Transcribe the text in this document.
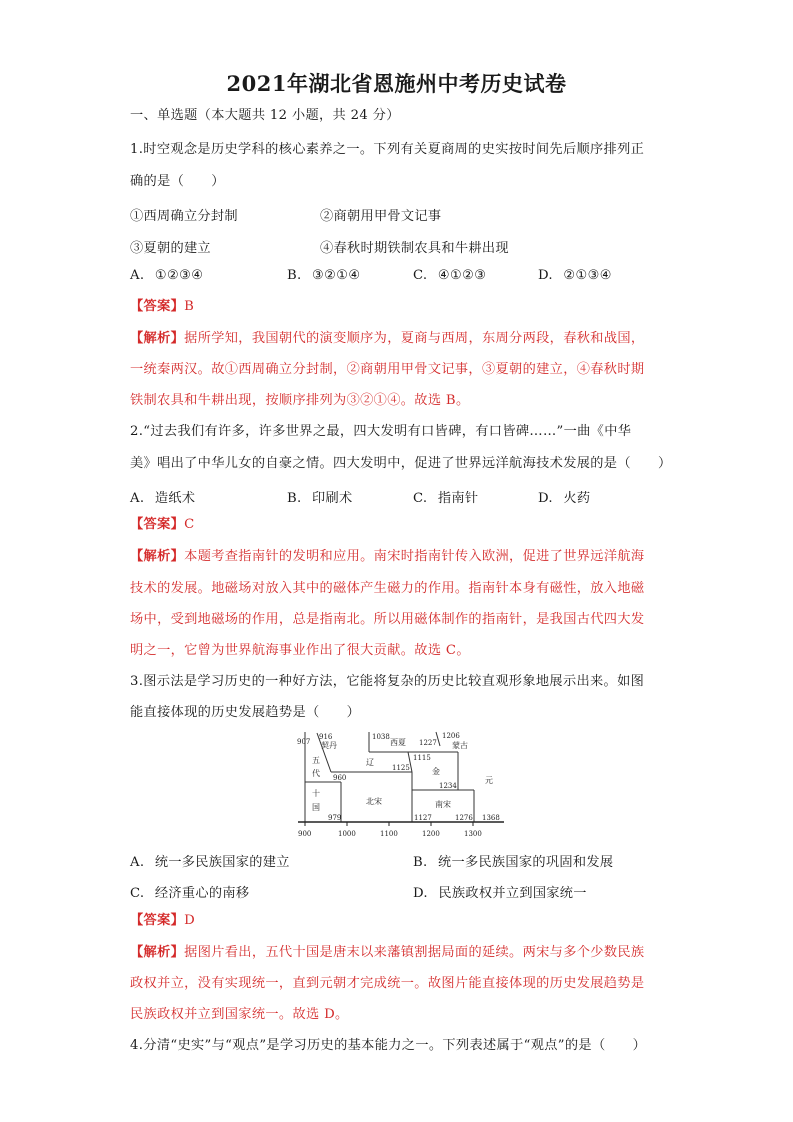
2021年湖北省恩施州中考历史试卷
一、单选题（本大题共 12 小题，共 24 分）
1.时空观念是历史学科的核心素养之一。下列有关夏商周的史实按时间先后顺序排列正
确的是（　　）
①西周确立分封制	②商朝用甲骨文记事
③夏朝的建立	④春秋时期铁制农具和牛耕出现
A. ①②③④	B. ③②①④	C. ④①②③	D. ②①③④
【答案】B
【解析】据所学知，我国朝代的演变顺序为，夏商与西周，东周分两段，春秋和战国，
一统秦两汉。故①西周确立分封制，②商朝用甲骨文记事，③夏朝的建立，④春秋时期
铁制农具和牛耕出现，按顺序排列为③②①④。故选 B。
2.“过去我们有许多，许多世界之最，四大发明有口皆碑，有口皆碑……”一曲《中华
美》唱出了中华儿女的自豪之情。四大发明中，促进了世界远洋航海技术发展的是（　　）
A. 造纸术	B. 印刷术	C. 指南针	D. 火药
【答案】C
【解析】本题考查指南针的发明和应用。南宋时指南针传入欧洲，促进了世界远洋航海
技术的发展。地磁场对放入其中的磁体产生磁力的作用。指南针本身有磁性，放入地磁
场中，受到地磁场的作用，总是指南北。所以用磁体制作的指南针，是我国古代四大发
明之一，它曾为世界航海事业作出了很大贡献。故选 C。
3.图示法是学习历史的一种好方法，它能将复杂的历史比较直观形象地展示出来。如图
能直接体现的历史发展趋势是（　　）
907
916	1038
1227
1206
1115
1125
960
1234
979	1127	1276 1368
契丹
五
代
十
国
辽
北宋
西夏
金
南宋
蒙古
元
900	1000	1100	1200	1300
A. 统一多民族国家的建立	B. 统一多民族国家的巩固和发展
C. 经济重心的南移	D. 民族政权并立到国家统一
【答案】D
【解析】据图片看出，五代十国是唐末以来藩镇割据局面的延续。两宋与多个少数民族
政权并立，没有实现统一，直到元朝才完成统一。故图片能直接体现的历史发展趋势是
民族政权并立到国家统一。故选 D。
4.分清“史实”与“观点”是学习历史的基本能力之一。下列表述属于“观点”的是（　　）
